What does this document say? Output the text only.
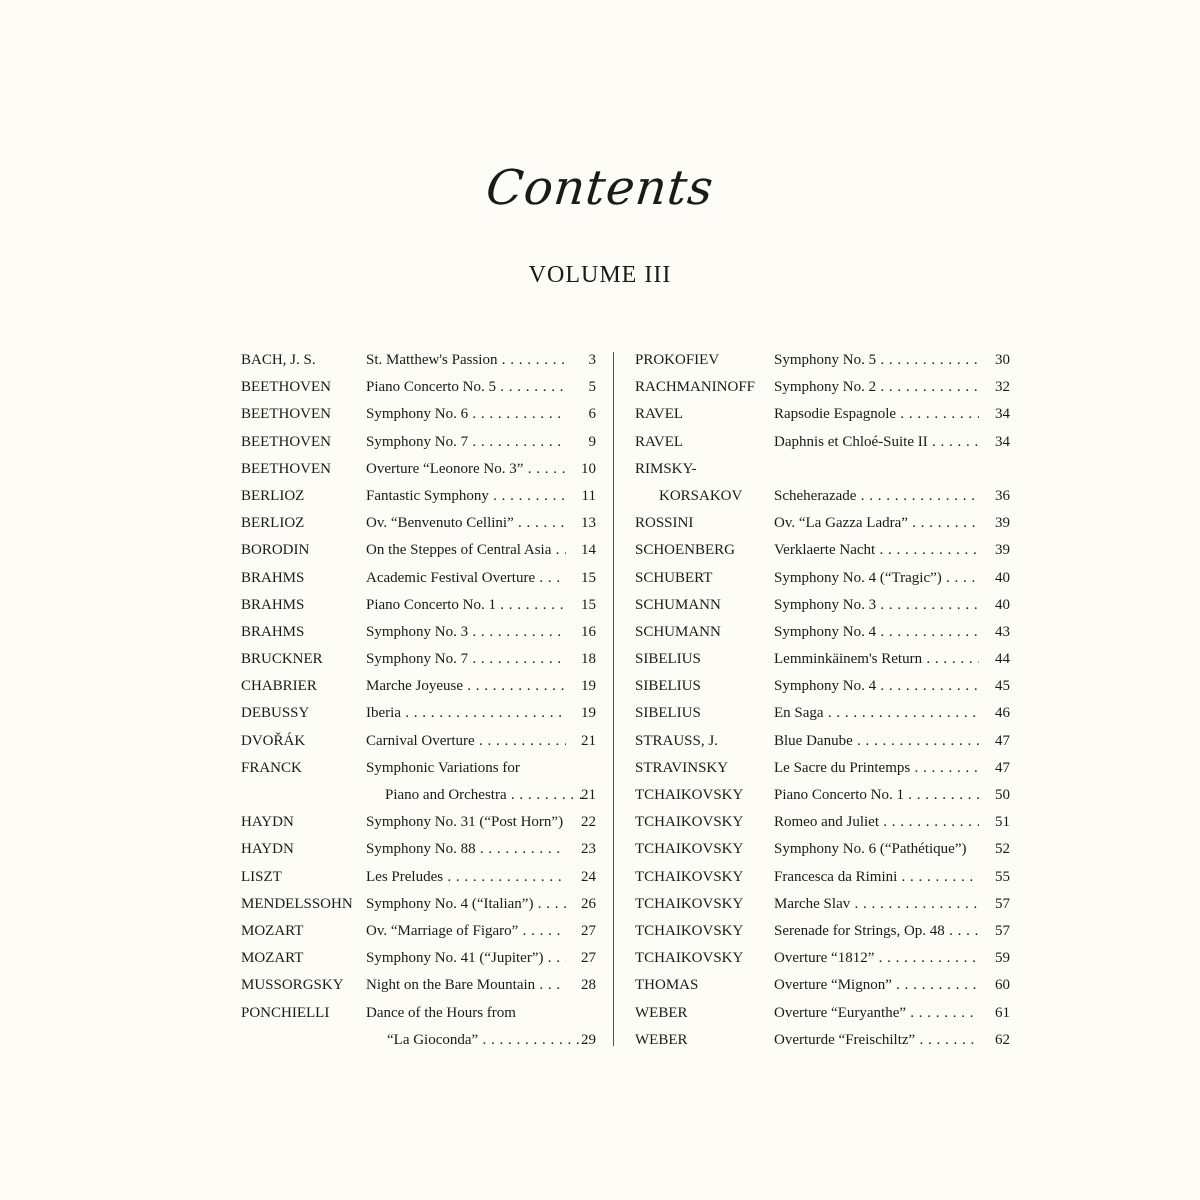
Contents
VOLUME III
BACH, J. S.	St. Matthew's Passion . . .	3
BEETHOVEN Piano Concerto No. 5 . . .	5
BEETHOVEN Symphony No. 6 . . .	6
BEETHOVEN Symphony No. 7 . . .	9
BEETHOVEN Overture “Leonore No. 3” . . .	10
BERLIOZ	Fantastic Symphony . . .	11
BERLIOZ	Ov. “Benvenuto Cellini” . . .	13
BORODIN	On the Steppes of Central Asia . . .	14
BRAHMS	Academic Festival Overture . . .	15
BRAHMS	Piano Concerto No. 1 . . .	15
BRAHMS	Symphony No. 3 . . .	16
BRUCKNER	Symphony No. 7 . . .	18
CHABRIER	Marche Joyeuse . . .	19
DEBUSSY	Iberia . . .	19
DVOŘÁK	Carnival Overture . . .	21
FRANCK	Symphonic Variations for
Piano and Orchestra . . .	21
HAYDN	Symphony No. 31 (“Post Horn”)	22
HAYDN	Symphony No. 88 . . .	23
LISZT	Les Preludes . . .	24
MENDELSSOHN Symphony No. 4 (“Italian”) . . .	26
MOZART	Ov. “Marriage of Figaro” . . .	27
MOZART	Symphony No. 41 (“Jupiter”) . . .	27
MUSSORGSKY Night on the Bare Mountain . . .	28
PONCHIELLI Dance of the Hours from
“La Gioconda” . . .	29
PROKOFIEV	Symphony No. 5 . . .	30
RACHMANINOFF Symphony No. 2 . . .	32
RAVEL	Rapsodie Espagnole . . .	34
RAVEL	Daphnis et Chloé-Suite II . . .	34
RIMSKY-
KORSAKOV Scheherazade . . .	36
ROSSINI	Ov. “La Gazza Ladra” . . .	39
SCHOENBERG	Verklaerte Nacht . . .	39
SCHUBERT	Symphony No. 4 (“Tragic”) . . .	40
SCHUMANN	Symphony No. 3 . . .	40
SCHUMANN	Symphony No. 4 . . .	43
SIBELIUS	Lemminkäinem's Return . . .	44
SIBELIUS	Symphony No. 4 . . .	45
SIBELIUS	En Saga . . .	46
STRAUSS, J.	Blue Danube . . .	47
STRAVINSKY	Le Sacre du Printemps . . .	47
TCHAIKOVSKY Piano Concerto No. 1 . . .	50
TCHAIKOVSKY Romeo and Juliet . . .	51
TCHAIKOVSKY Symphony No. 6 (“Pathétique”)	52
TCHAIKOVSKY Francesca da Rimini . . .	55
TCHAIKOVSKY Marche Slav . . .	57
TCHAIKOVSKY Serenade for Strings, Op. 48 . . .	57
TCHAIKOVSKY Overture “1812” . . .	59
THOMAS	Overture “Mignon” . . .	60
WEBER	Overture “Euryanthe” . . .	61
WEBER	Overturde “Freischiltz” . . .	62
